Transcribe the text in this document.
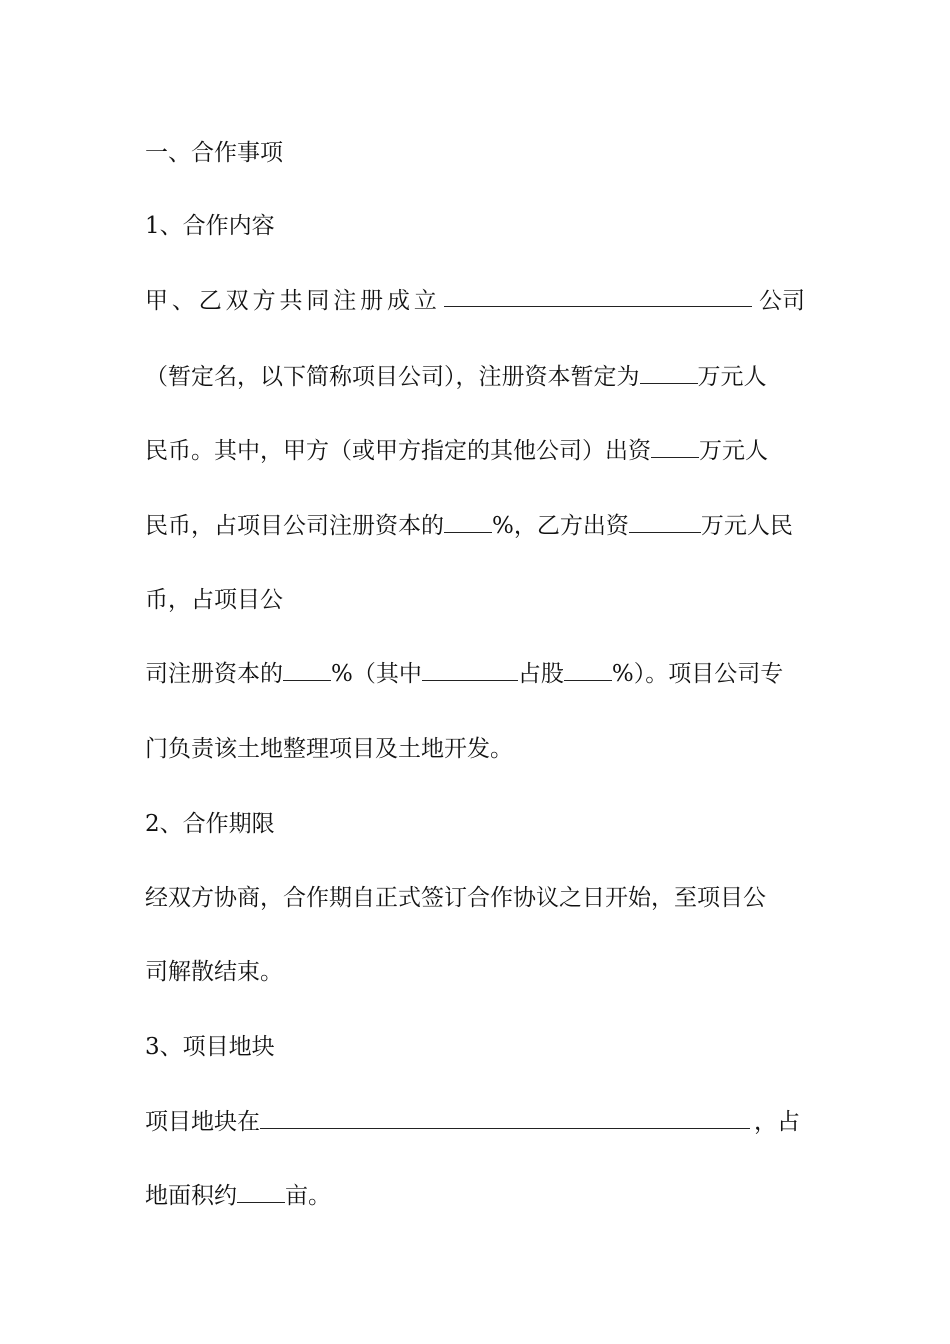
一、合作事项
1、合作内容
甲 、 乙 双 方 共 同 注 册 成 立	公司
（暂定名，以下简称项目公司），注册资本暂定为	万元人
民币。其中，甲方（或甲方指定的其他公司）出资 万元人
民币，占项目公司注册资本的 %，乙方出资	万元人民
币，占项目公
司注册资本的 %（其中	占股 %）。项目公司专
门负责该土地整理项目及土地开发。
2、合作期限
经双方协商，合作期自正式签订合作协议之日开始，至项目公
司解散结束。
3、项目地块
项目地块在	，占
地面积约 亩。
